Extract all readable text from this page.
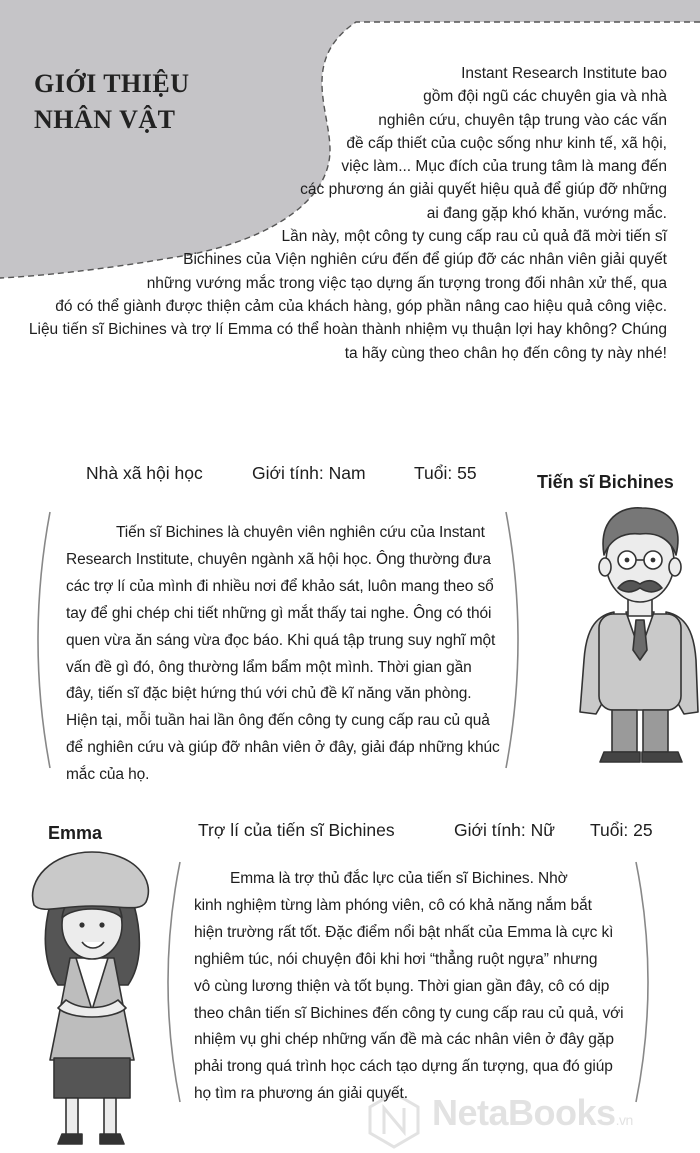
GIỚI THIỆU
NHÂN VẬT

Instant Research Institute bao
gồm đội ngũ các chuyên gia và nhà
nghiên cứu, chuyên tập trung vào các vấn
đề cấp thiết của cuộc sống như kinh tế, xã hội,
việc làm... Mục đích của trung tâm là mang đến
các phương án giải quyết hiệu quả để giúp đỡ những
ai đang gặp khó khăn, vướng mắc.
Lần này, một công ty cung cấp rau củ quả đã mời tiến sĩ
Bichines của Viện nghiên cứu đến để giúp đỡ các nhân viên giải quyết
những vướng mắc trong việc tạo dựng ấn tượng trong đối nhân xử thế, qua
đó có thể giành được thiện cảm của khách hàng, góp phần nâng cao hiệu quả công việc.
Liệu tiến sĩ Bichines và trợ lí Emma có thể hoàn thành nhiệm vụ thuận lợi hay không? Chúng
ta hãy cùng theo chân họ đến công ty này nhé!

Nhà xã hội học	Giới tính: Nam	Tuổi: 55	Tiến sĩ Bichines

Tiến sĩ Bichines là chuyên viên nghiên cứu của Instant
Research Institute, chuyên ngành xã hội học. Ông thường đưa
các trợ lí của mình đi nhiều nơi để khảo sát, luôn mang theo sổ
tay để ghi chép chi tiết những gì mắt thấy tai nghe. Ông có thói
quen vừa ăn sáng vừa đọc báo. Khi quá tập trung suy nghĩ một
vấn đề gì đó, ông thường lẩm bẩm một mình. Thời gian gần
đây, tiến sĩ đặc biệt hứng thú với chủ đề kĩ năng văn phòng.
Hiện tại, mỗi tuần hai lần ông đến công ty cung cấp rau củ quả
để nghiên cứu và giúp đỡ nhân viên ở đây, giải đáp những khúc
mắc của họ.

Emma	Trợ lí của tiến sĩ Bichines	Giới tính: Nữ Tuổi: 25

Emma là trợ thủ đắc lực của tiến sĩ Bichines. Nhờ
kinh nghiệm từng làm phóng viên, cô có khả năng nắm bắt
hiện trường rất tốt. Đặc điểm nổi bật nhất của Emma là cực kì
nghiêm túc, nói chuyện đôi khi hơi “thẳng ruột ngựa” nhưng
vô cùng lương thiện và tốt bụng. Thời gian gần đây, cô có dịp
theo chân tiến sĩ Bichines đến công ty cung cấp rau củ quả, với
nhiệm vụ ghi chép những vấn đề mà các nhân viên ở đây gặp
phải trong quá trình học cách tạo dựng ấn tượng, qua đó giúp
họ tìm ra phương án giải quyết. NetaBooks.vn
